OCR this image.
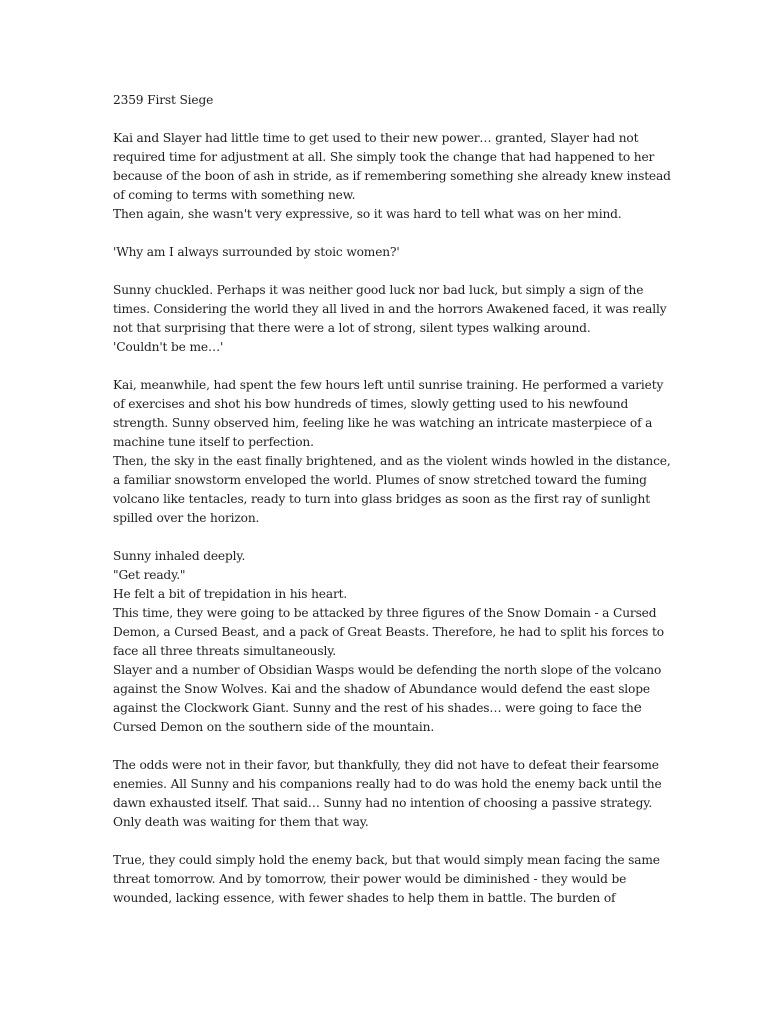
2359 First Siege
Kai and Slayer had little time to get used to their new power… granted, Slayer had not
required time for adjustment at all. She simply took the change that had happened to her
because of the boon of ash in stride, as if remembering something she already knew instead
of coming to terms with something new.
Then again, she wasn't very expressive, so it was hard to tell what was on her mind.
'Why am I always surrounded by stoic women?'
Sunny chuckled. Perhaps it was neither good luck nor bad luck, but simply a sign of the
times. Considering the world they all lived in and the horrors Awakened faced, it was really
not that surprising that there were a lot of strong, silent types walking around.
'Couldn't be me…'
Kai, meanwhile, had spent the few hours left until sunrise training. He performed a variety
of exercises and shot his bow hundreds of times, slowly getting used to his newfound
strength. Sunny observed him, feeling like he was watching an intricate masterpiece of a
machine tune itself to perfection.
Then, the sky in the east finally brightened, and as the violent winds howled in the distance,
a familiar snowstorm enveloped the world. Plumes of snow stretched toward the fuming
volcano like tentacles, ready to turn into glass bridges as soon as the first ray of sunlight
spilled over the horizon.
Sunny inhaled deeply.
"Get ready."
He felt a bit of trepidation in his heart.
This time, they were going to be attacked by three figures of the Snow Domain - a Cursed
Demon, a Cursed Beast, and a pack of Great Beasts. Therefore, he had to split his forces to
face all three threats simultaneously.
Slayer and a number of Obsidian Wasps would be defending the north slope of the volcano
against the Snow Wolves. Kai and the shadow of Abundance would defend the east slope
against the Clockwork Giant. Sunny and the rest of his shades… were going to face the
Cursed Demon on the southern side of the mountain.
The odds were not in their favor, but thankfully, they did not have to defeat their fearsome
enemies. All Sunny and his companions really had to do was hold the enemy back until the
dawn exhausted itself. That said… Sunny had no intention of choosing a passive strategy.
Only death was waiting for them that way.
True, they could simply hold the enemy back, but that would simply mean facing the same
threat tomorrow. And by tomorrow, their power would be diminished - they would be
wounded, lacking essence, with fewer shades to help them in battle. The burden of
